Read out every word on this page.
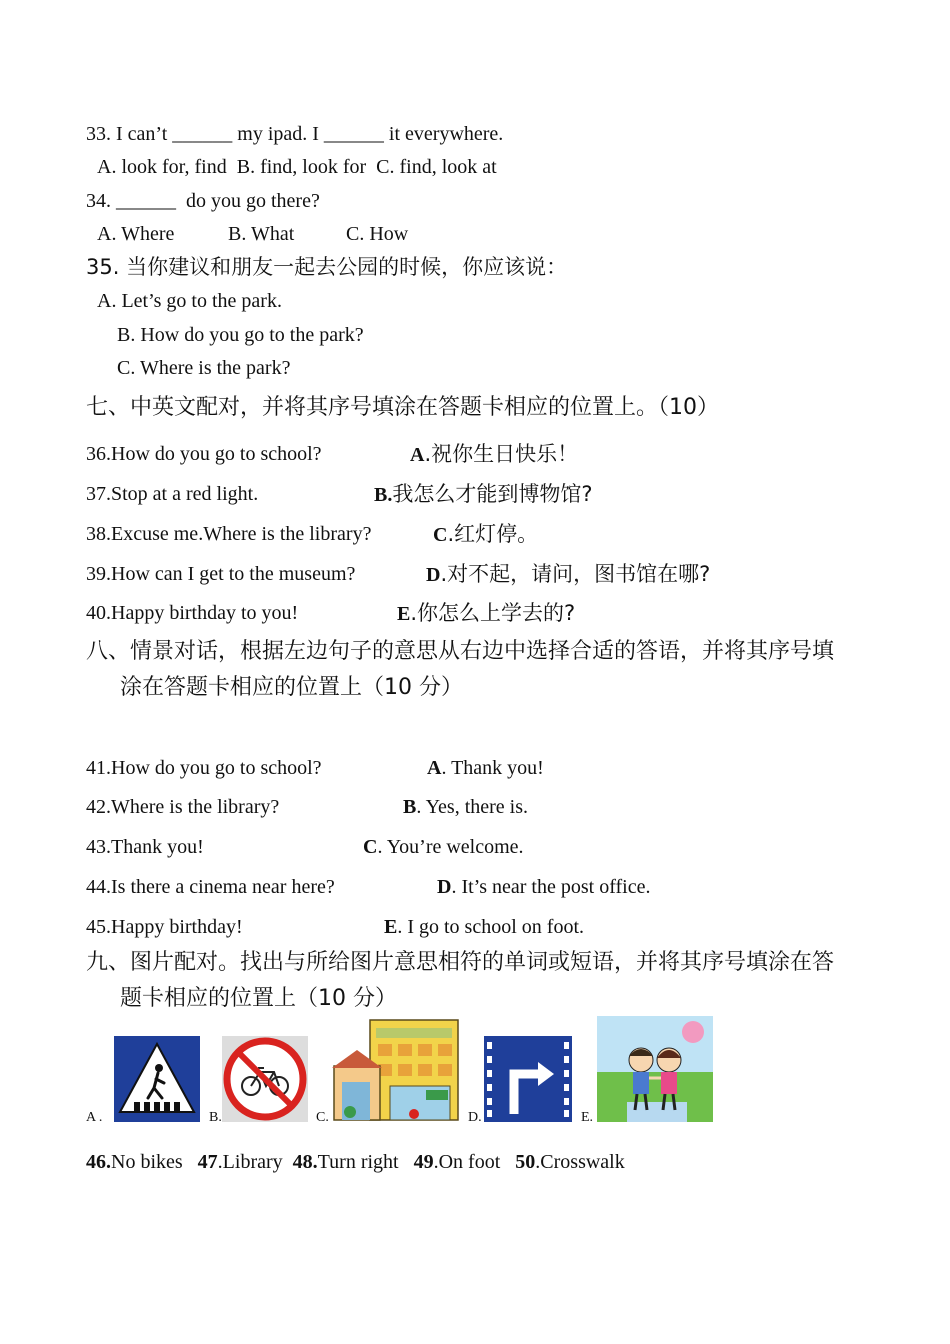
33. I can’t ______ my ipad. I ______ it everywhere.
A. look for, find  B. find, look for  C. find, look at
34. ______  do you go there?
A. Where	B. What	C. How
35. 当你建议和朋友一起去公园的时候，你应该说：
A. Let’s go to the park.
B. How do you go to the park?
C. Where is the park?
七、中英文配对，并将其序号填涂在答题卡相应的位置上。（10）
36.How do you go to school?	A.祝你生日快乐！
37.Stop at a red light.	B.我怎么才能到博物馆?
38.Excuse me.Where is the library?	C.红灯停。
39.How can I get to the museum?	D.对不起，请问，图书馆在哪?
40.Happy birthday to you!	E.你怎么上学去的?
八、情景对话，根据左边句子的意思从右边中选择合适的答语，并将其序号填
涂在答题卡相应的位置上（10 分）
41.How do you go to school?	A. Thank you!
42.Where is the library?	B. Yes, there is.
43.Thank you!	C. You’re welcome.
44.Is there a cinema near here?	D. It’s near the post office.
45.Happy birthday!	E. I go to school on foot.
九、图片配对。找出与所给图片意思相符的单词或短语，并将其序号填涂在答
题卡相应的位置上（10 分）
A .	B.	C.	D.	E.
46.No bikes 47.Library 48.Turn right 49.On foot 50.Crosswalk
